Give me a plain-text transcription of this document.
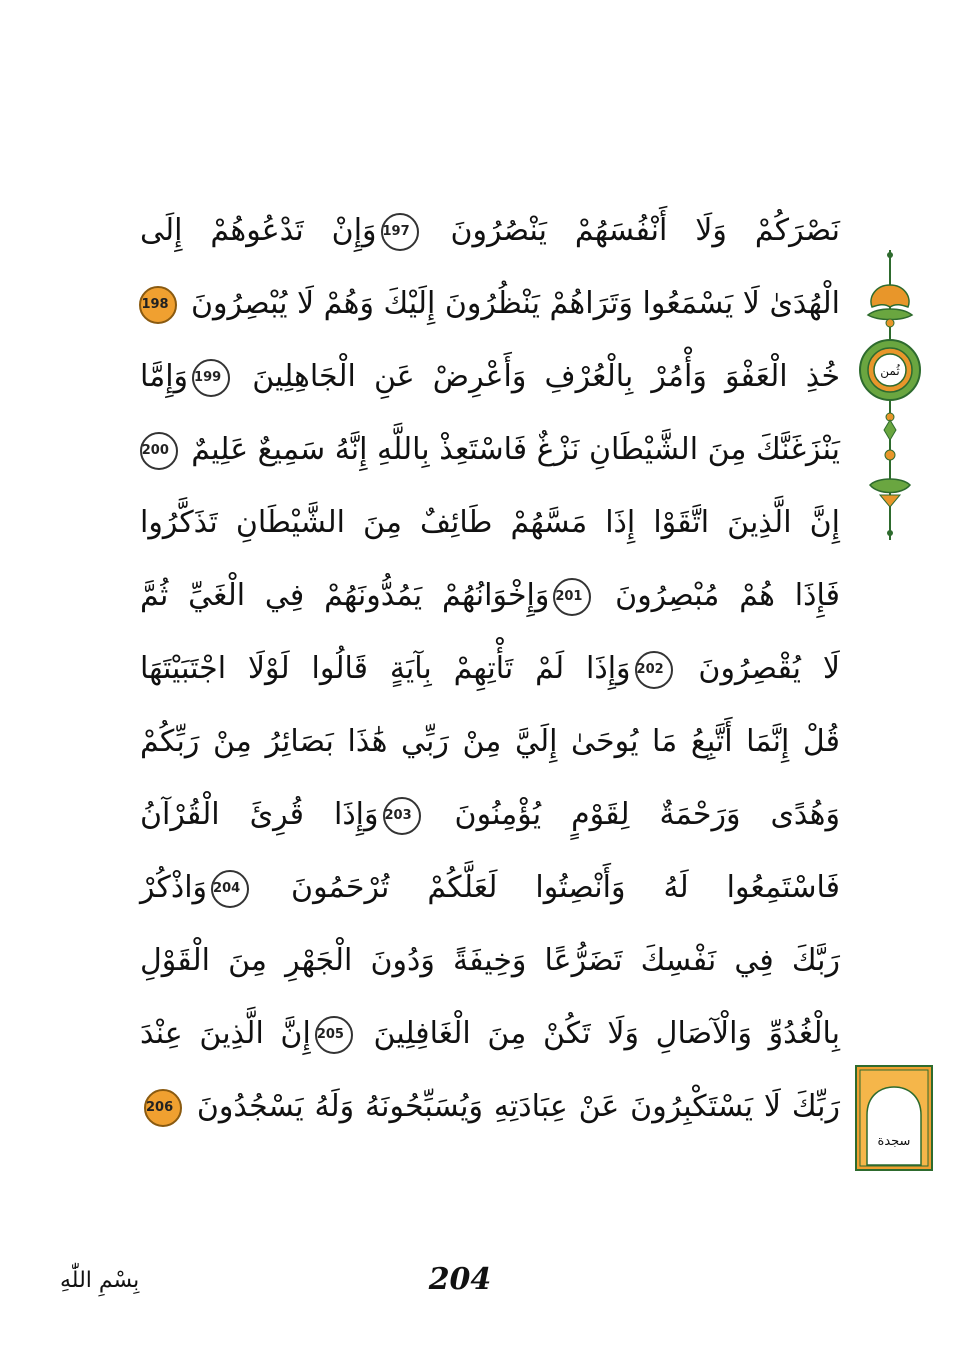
نَصْرَكُمْ وَلَا أَنْفُسَهُمْ يَنْصُرُونَ 197وَإِنْ تَدْعُوهُمْ إِلَى
الْهُدَىٰ لَا يَسْمَعُوا وَتَرَاهُمْ يَنْظُرُونَ إِلَيْكَ وَهُمْ لَا يُبْصِرُونَ 198
خُذِ الْعَفْوَ وَأْمُرْ بِالْعُرْفِ وَأَعْرِضْ عَنِ الْجَاهِلِينَ 199وَإِمَّا
يَنْزَغَنَّكَ مِنَ الشَّيْطَانِ نَزْغٌ فَاسْتَعِذْ بِاللَّهِ إِنَّهُ سَمِيعٌ عَلِيمٌ 200
إِنَّ الَّذِينَ اتَّقَوْا إِذَا مَسَّهُمْ طَائِفٌ مِنَ الشَّيْطَانِ تَذَكَّرُوا
فَإِذَا هُمْ مُبْصِرُونَ 201وَإِخْوَانُهُمْ يَمُدُّونَهُمْ فِي الْغَيِّ ثُمَّ
لَا يُقْصِرُونَ 202وَإِذَا لَمْ تَأْتِهِمْ بِآيَةٍ قَالُوا لَوْلَا اجْتَبَيْتَهَا
قُلْ إِنَّمَا أَتَّبِعُ مَا يُوحَىٰ إِلَيَّ مِنْ رَبِّي هَٰذَا بَصَائِرُ مِنْ رَبِّكُمْ
وَهُدًى وَرَحْمَةٌ لِقَوْمٍ يُؤْمِنُونَ 203وَإِذَا قُرِئَ الْقُرْآنُ
فَاسْتَمِعُوا لَهُ وَأَنْصِتُوا لَعَلَّكُمْ تُرْحَمُونَ 204وَاذْكُرْ
رَبَّكَ فِي نَفْسِكَ تَضَرُّعًا وَخِيفَةً وَدُونَ الْجَهْرِ مِنَ الْقَوْلِ
بِالْغُدُوِّ وَالْآصَالِ وَلَا تَكُنْ مِنَ الْغَافِلِينَ 205إِنَّ الَّذِينَ عِنْدَ
رَبِّكَ لَا يَسْتَكْبِرُونَ عَنْ عِبَادَتِهِ وَيُسَبِّحُونَهُ وَلَهُ يَسْجُدُونَ 206
ثُمن
سجدة
بِسْمِ اللّٰهِ	204
